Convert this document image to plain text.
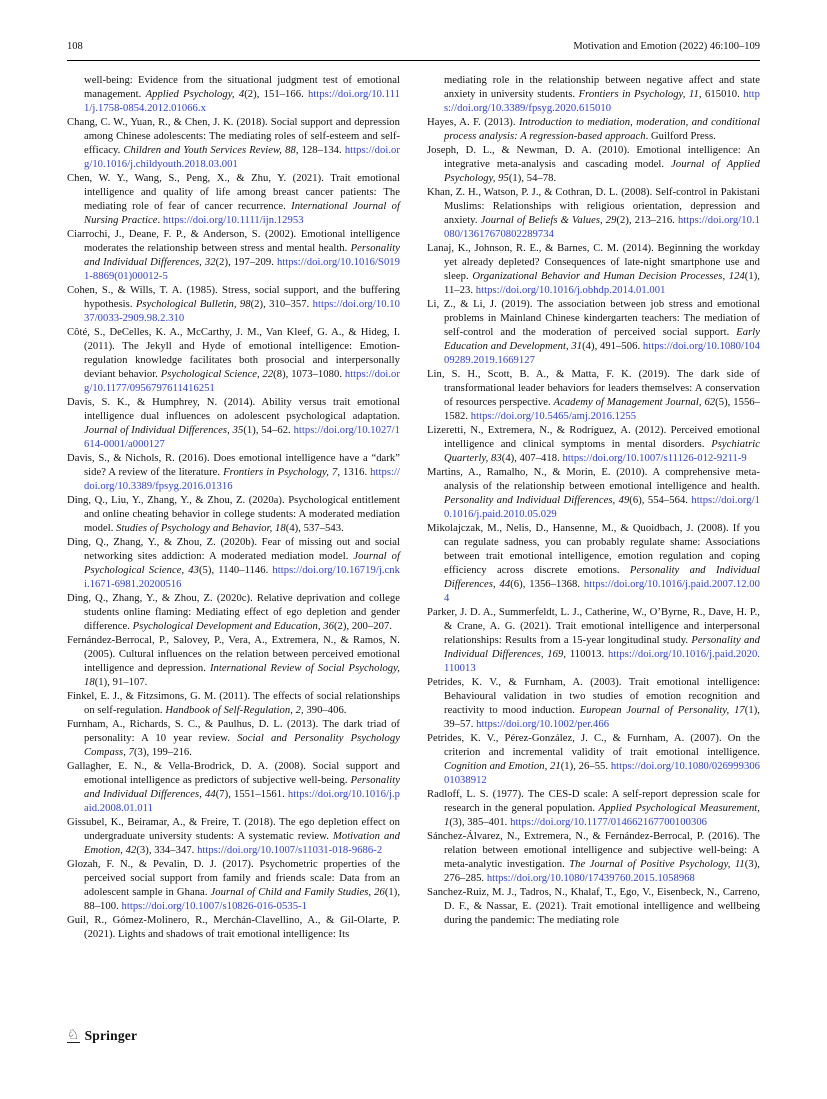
108	Motivation and Emotion (2022) 46:100–109

well-being: Evidence from the situational judgment test of emotional management. Applied Psychology, 4(2), 151–166. https://doi.org/10.1111/j.1758-0854.2012.01066.x

Chang, C. W., Yuan, R., & Chen, J. K. (2018). Social support and depression among Chinese adolescents: The mediating roles of self-esteem and self-efficacy. Children and Youth Services Review, 88, 128–134. https://doi.org/10.1016/j.childyouth.2018.03.001

Chen, W. Y., Wang, S., Peng, X., & Zhu, Y. (2021). Trait emotional intelligence and quality of life among breast cancer patients: The mediating role of fear of cancer recurrence. International Journal of Nursing Practice. https://doi.org/10.1111/ijn.12953

Ciarrochi, J., Deane, F. P., & Anderson, S. (2002). Emotional intelligence moderates the relationship between stress and mental health. Personality and Individual Differences, 32(2), 197–209. https://doi.org/10.1016/S0191-8869(01)00012-5

Cohen, S., & Wills, T. A. (1985). Stress, social support, and the buffering hypothesis. Psychological Bulletin, 98(2), 310–357. https://doi.org/10.1037/0033-2909.98.2.310

Côté, S., DeCelles, K. A., McCarthy, J. M., Van Kleef, G. A., & Hideg, I. (2011). The Jekyll and Hyde of emotional intelligence: Emotion-regulation knowledge facilitates both prosocial and interpersonally deviant behavior. Psychological Science, 22(8), 1073–1080. https://doi.org/10.1177/0956797611416251

Davis, S. K., & Humphrey, N. (2014). Ability versus trait emotional intelligence dual influences on adolescent psychological adaptation. Journal of Individual Differences, 35(1), 54–62. https://doi.org/10.1027/1614-0001/a000127

Davis, S., & Nichols, R. (2016). Does emotional intelligence have a “dark” side? A review of the literature. Frontiers in Psychology, 7, 1316. https://doi.org/10.3389/fpsyg.2016.01316

Ding, Q., Liu, Y., Zhang, Y., & Zhou, Z. (2020a). Psychological entitlement and online cheating behavior in college students: A moderated mediation model. Studies of Psychology and Behavior, 18(4), 537–543.

Ding, Q., Zhang, Y., & Zhou, Z. (2020b). Fear of missing out and social networking sites addiction: A moderated mediation model. Journal of Psychological Science, 43(5), 1140–1146. https://doi.org/10.16719/j.cnki.1671-6981.20200516

Ding, Q., Zhang, Y., & Zhou, Z. (2020c). Relative deprivation and college students online flaming: Mediating effect of ego depletion and gender difference. Psychological Development and Education, 36(2), 200–207.

Fernández-Berrocal, P., Salovey, P., Vera, A., Extremera, N., & Ramos, N. (2005). Cultural influences on the relation between perceived emotional intelligence and depression. International Review of Social Psychology, 18(1), 91–107.

Finkel, E. J., & Fitzsimons, G. M. (2011). The effects of social relationships on self-regulation. Handbook of Self-Regulation, 2, 390–406.

Furnham, A., Richards, S. C., & Paulhus, D. L. (2013). The dark triad of personality: A 10 year review. Social and Personality Psychology Compass, 7(3), 199–216.

Gallagher, E. N., & Vella-Brodrick, D. A. (2008). Social support and emotional intelligence as predictors of subjective well-being. Personality and Individual Differences, 44(7), 1551–1561. https://doi.org/10.1016/j.paid.2008.01.011

Gissubel, K., Beiramar, A., & Freire, T. (2018). The ego depletion effect on undergraduate university students: A systematic review. Motivation and Emotion, 42(3), 334–347. https://doi.org/10.1007/s11031-018-9686-2

Glozah, F. N., & Pevalin, D. J. (2017). Psychometric properties of the perceived social support from family and friends scale: Data from an adolescent sample in Ghana. Journal of Child and Family Studies, 26(1), 88–100. https://doi.org/10.1007/s10826-016-0535-1

Guil, R., Gómez-Molinero, R., Merchán-Clavellino, A., & Gil-Olarte, P. (2021). Lights and shadows of trait emotional intelligence: Its

mediating role in the relationship between negative affect and state anxiety in university students. Frontiers in Psychology, 11, 615010. https://doi.org/10.3389/fpsyg.2020.615010

Hayes, A. F. (2013). Introduction to mediation, moderation, and conditional process analysis: A regression-based approach. Guilford Press.

Joseph, D. L., & Newman, D. A. (2010). Emotional intelligence: An integrative meta-analysis and cascading model. Journal of Applied Psychology, 95(1), 54–78.

Khan, Z. H., Watson, P. J., & Cothran, D. L. (2008). Self-control in Pakistani Muslims: Relationships with religious orientation, depression and anxiety. Journal of Beliefs & Values, 29(2), 213–216. https://doi.org/10.1080/13617670802289734

Lanaj, K., Johnson, R. E., & Barnes, C. M. (2014). Beginning the workday yet already depleted? Consequences of late-night smartphone use and sleep. Organizational Behavior and Human Decision Processes, 124(1), 11–23. https://doi.org/10.1016/j.obhdp.2014.01.001

Li, Z., & Li, J. (2019). The association between job stress and emotional problems in Mainland Chinese kindergarten teachers: The mediation of self-control and the moderation of perceived social support. Early Education and Development, 31(4), 491–506. https://doi.org/10.1080/10409289.2019.1669127

Lin, S. H., Scott, B. A., & Matta, F. K. (2019). The dark side of transformational leader behaviors for leaders themselves: A conservation of resources perspective. Academy of Management Journal, 62(5), 1556–1582. https://doi.org/10.5465/amj.2016.1255

Lizeretti, N., Extremera, N., & Rodríguez, A. (2012). Perceived emotional intelligence and clinical symptoms in mental disorders. Psychiatric Quarterly, 83(4), 407–418. https://doi.org/10.1007/s11126-012-9211-9

Martins, A., Ramalho, N., & Morin, E. (2010). A comprehensive meta-analysis of the relationship between emotional intelligence and health. Personality and Individual Differences, 49(6), 554–564. https://doi.org/10.1016/j.paid.2010.05.029

Mikolajczak, M., Nelis, D., Hansenne, M., & Quoidbach, J. (2008). If you can regulate sadness, you can probably regulate shame: Associations between trait emotional intelligence, emotion regulation and coping efficiency across discrete emotions. Personality and Individual Differences, 44(6), 1356–1368. https://doi.org/10.1016/j.paid.2007.12.004

Parker, J. D. A., Summerfeldt, L. J., Catherine, W., O’Byrne, R., Dave, H. P., & Crane, A. G. (2021). Trait emotional intelligence and interpersonal relationships: Results from a 15-year longitudinal study. Personality and Individual Differences, 169, 110013. https://doi.org/10.1016/j.paid.2020.110013

Petrides, K. V., & Furnham, A. (2003). Trait emotional intelligence: Behavioural validation in two studies of emotion recognition and reactivity to mood induction. European Journal of Personality, 17(1), 39–57. https://doi.org/10.1002/per.466

Petrides, K. V., Pérez-González, J. C., & Furnham, A. (2007). On the criterion and incremental validity of trait emotional intelligence. Cognition and Emotion, 21(1), 26–55. https://doi.org/10.1080/02699930601038912

Radloff, L. S. (1977). The CES-D scale: A self-report depression scale for research in the general population. Applied Psychological Measurement, 1(3), 385–401. https://doi.org/10.1177/014662167700100306

Sánchez-Álvarez, N., Extremera, N., & Fernández-Berrocal, P. (2016). The relation between emotional intelligence and subjective well-being: A meta-analytic investigation. The Journal of Positive Psychology, 11(3), 276–285. https://doi.org/10.1080/17439760.2015.1058968

Sanchez-Ruiz, M. J., Tadros, N., Khalaf, T., Ego, V., Eisenbeck, N., Carreno, D. F., & Nassar, E. (2021). Trait emotional intelligence and wellbeing during the pandemic: The mediating role

♘ Springer
